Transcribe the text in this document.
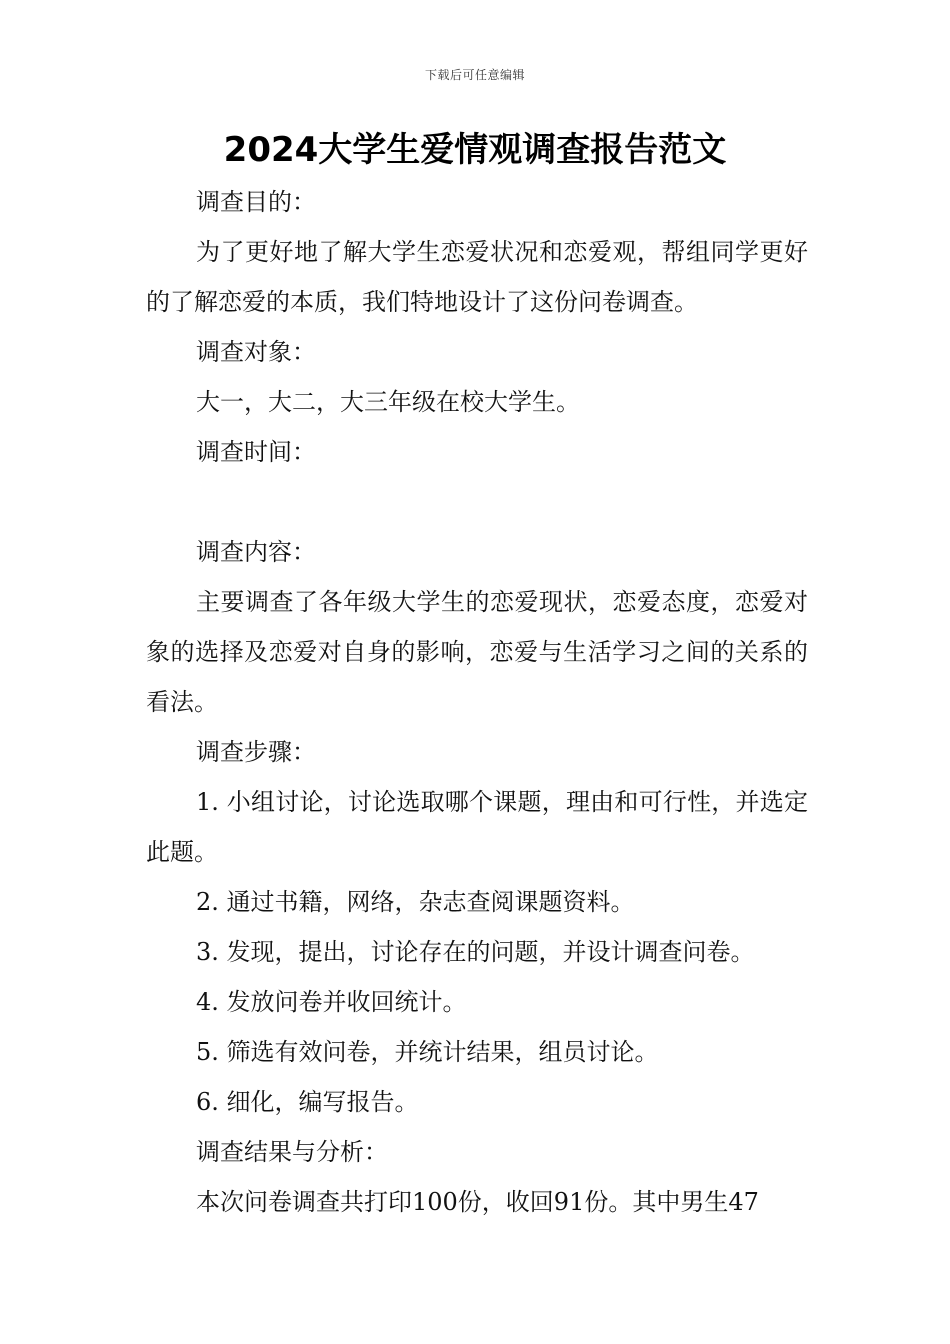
下载后可任意编辑
2024大学生爱情观调查报告范文

调查目的：

为了更好地了解大学生恋爱状况和恋爱观，帮组同学更好的了解恋爱的本质，我们特地设计了这份问卷调查。

调查对象：

大一，大二，大三年级在校大学生。

调查时间：

调查内容：

主要调查了各年级大学生的恋爱现状，恋爱态度，恋爱对象的选择及恋爱对自身的影响，恋爱与生活学习之间的关系的看法。

调查步骤：

1. 小组讨论，讨论选取哪个课题，理由和可行性，并选定此题。

2. 通过书籍，网络，杂志查阅课题资料。

3. 发现，提出，讨论存在的问题，并设计调查问卷。

4. 发放问卷并收回统计。

5. 筛选有效问卷，并统计结果，组员讨论。

6. 细化，编写报告。

调查结果与分析：

本次问卷调查共打印100份，收回91份。其中男生47
